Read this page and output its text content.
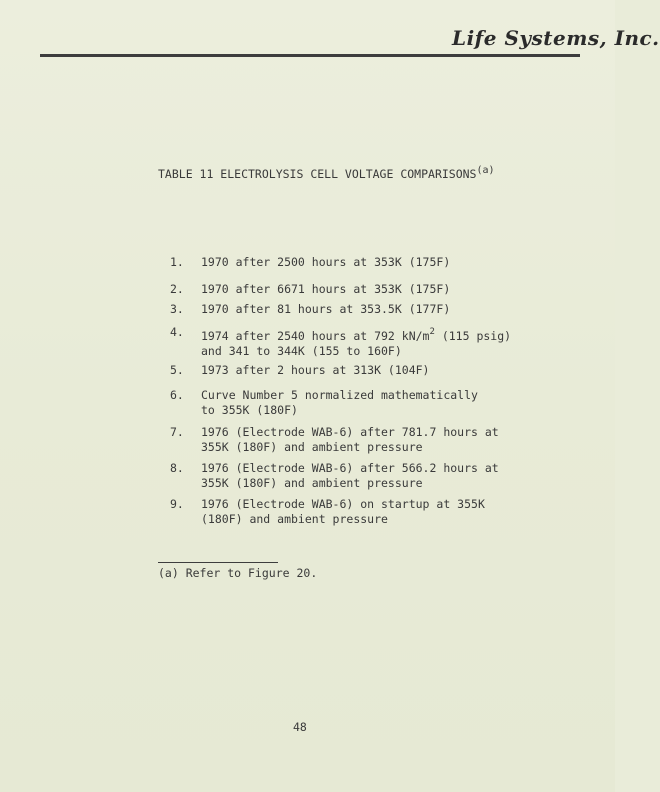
Life Systems, Inc.
TABLE 11 ELECTROLYSIS CELL VOLTAGE COMPARISONS$^{(a)}$
1. 1970 after 2500 hours at 353K (175F)
2. 1970 after 6671 hours at 353K (175F)
3. 1970 after 81 hours at 353.5K (177F)
4. 1974 after 2540 hours at 792 $kN/m^2$ (115 psig)
and 341 to 344K (155 to 160F)
5. 1973 after 2 hours at 313K (104F)
6. Curve Number 5 normalized mathematically
to 355K (180F)
7. 1976 (Electrode WAB-6) after 781.7 hours at
355K (180F) and ambient pressure
8. 1976 (Electrode WAB-6) after 566.2 hours at
355K (180F) and ambient pressure
9. 1976 (Electrode WAB-6) on startup at 355K
(180F) and ambient pressure
(a) Refer to Figure 20.
48
